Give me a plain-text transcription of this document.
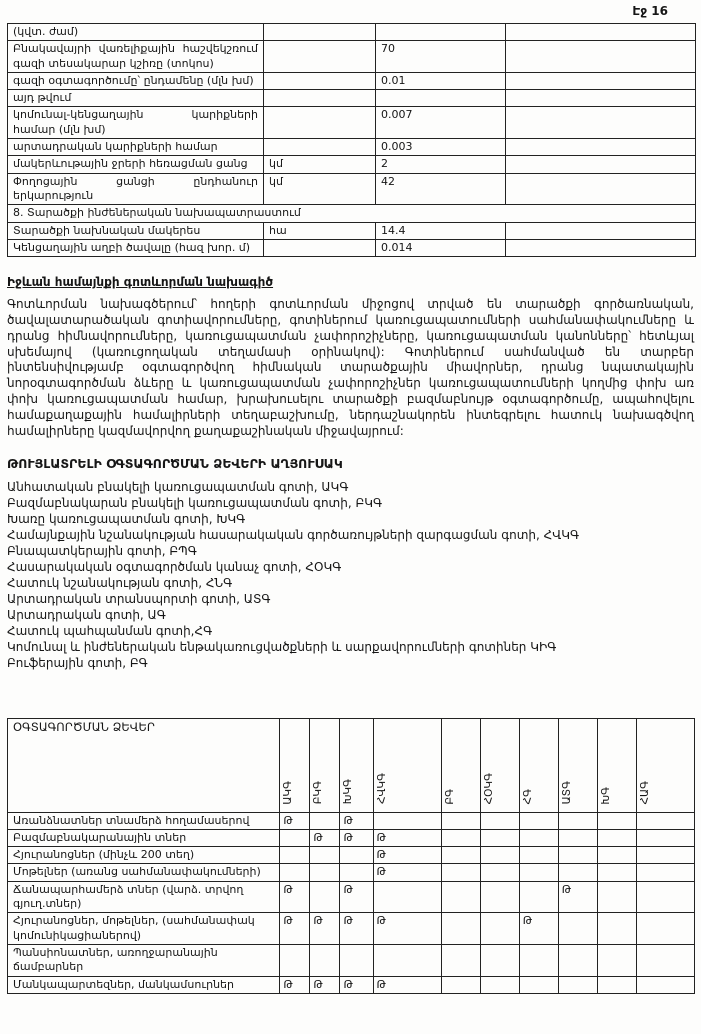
Էջ 16
(կվտ. ժամ)			
Բնակավայրի վառելիքային հաշվեկշռում գազի տեսակարար կշիռը (տոկոս)		70	
գազի օգտագործումը՝ ընդամենը (մլն խմ)		0.01	
այդ թվում			
կոմունալ-կենցաղային կարիքների համար (մլն խմ)		0.007	
արտադրական կարիքների համար		0.003	
մակերևութային ջրերի հեռացման ցանց	կմ	2	
Փողոցային ցանցի ընդհանուր երկարություն	կմ	42	
8. Տարածքի ինժեներական նախապատրաստում			
Տարածքի նախնական մակերես	հա	14.4	
Կենցաղային աղբի ծավալը (հազ խոր. մ)		0.014	
Իջևան համայնքի գոտևորման նախագիծ

Գոտևորման նախագծերում՝ հողերի գոտևորման միջոցով տրված են տարածքի գործառնական, ծավալատարածական գոտիավորումները, գոտիներում կառուցապատումների սահմանափակումները և դրանց հիմնավորումները, կառուցապատման չափորոշիչները, կառուցապատման կանոնները՝ հետևյալ սխեմայով (կառուցողական տեղամասի օրինակով): Գոտիներում սահմանված են տարբեր ինտենսիվությամբ օգտագործվող հիմնական տարածքային միավորներ, դրանց նպատակային նորօգտագործման ձևերը և կառուցապատման չափորոշիչներ կառուցապատումների կողմից փոխ առ փոխ կառուցապատման համար, խրախուսելու տարածքի բազմաբնույթ օգտագործումը, ապահովելու համաքաղաքային համալիրների տեղաբաշխումը, ներդաշնակորեն ինտեգրելու հատուկ նախագծվող համալիրները կազմավորվող քաղաքաշինական միջավայրում:

ԹՈՒՅԼԱՏՐԵԼԻ ՕԳՏԱԳՈՐԾՄԱՆ ՁԵՎԵՐԻ ԱՂՅՈՒՍԱԿ
Անհատական բնակելի կառուցապատման գոտի, ԱԿԳ
Բազմաբնակարան բնակելի կառուցապատման գոտի, ԲԿԳ
Խառը կառուցապատման գոտի, ԽԿԳ
Համայնքային նշանակության հասարակական գործառույթների զարգացման գոտի, ՀՎԿԳ
Բնապատկերային գոտի, ԲՊԳ
Հասարակական օգտագործման կանաչ գոտի, ՀՕԿԳ
Հատուկ նշանակության գոտի, ՀՆԳ
Արտադրական տրանսպորտի գոտի, ԱՏԳ
Արտադրական գոտի, ԱԳ
Հատուկ պահպանման գոտի,ՀԳ
Կոմունալ և ինժեներական ենթակառուցվածքների և սարքավորումների գոտիներ ԿԻԳ
Բուֆերային գոտի, ԲԳ
ՕԳՏԱԳՈՐԾՄԱՆ ՁԵՎԵՐ	ԱԿԳ	ԲԿԳ	ԽԿԳ	ՀՎԿԳ	ԲԳ	ՀՕԿԳ	ՀԳ	ԱՏԳ	ԽԳ	ՀԱԳ
Առանձնատներ տնամերձ հողամասերով	Թ		Թ							
Բազմաբնակարանային տներ		Թ	Թ	Թ						
Հյուրանոցներ (մինչև 200 տեղ)				Թ						
Մոթելներ (առանց սահմանափակումների)				Թ						
Ճանապարհամերձ տներ (վարձ. տրվող գյուղ.տներ)	Թ		Թ					Թ		
Հյուրանոցներ, մոթելներ, (սահմանափակ կոմունիկացիաներով)	Թ	Թ	Թ	Թ			Թ			
Պանսիոնատներ, առողջարանային ճամբարներ										
Մանկապարտեզներ, մանկամսուրներ	Թ	Թ	Թ	Թ						
